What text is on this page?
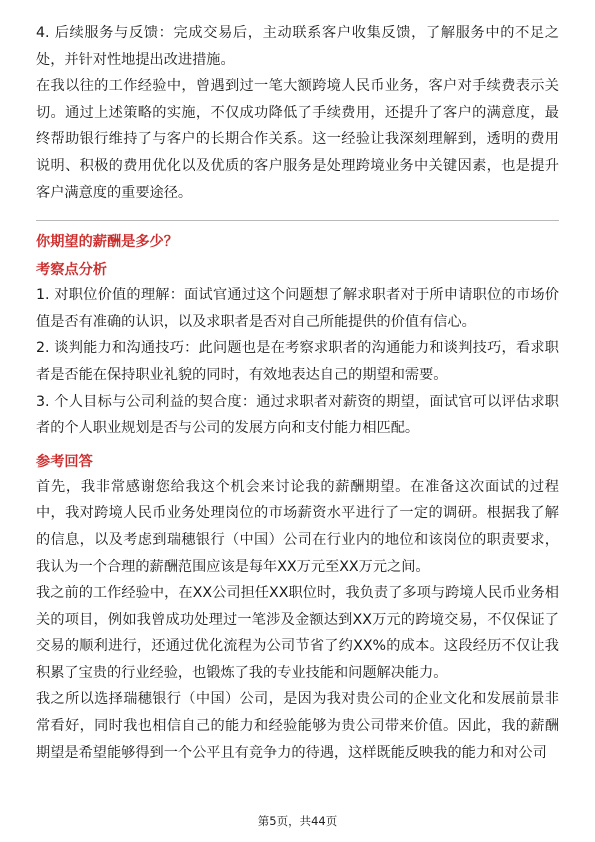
4. 后续服务与反馈：完成交易后，主动联系客户收集反馈，了解服务中的不足之处，并针对性地提出改进措施。

在我以往的工作经验中，曾遇到过一笔大额跨境人民币业务，客户对手续费表示关切。通过上述策略的实施，不仅成功降低了手续费用，还提升了客户的满意度，最终帮助银行维持了与客户的长期合作关系。这一经验让我深刻理解到，透明的费用说明、积极的费用优化以及优质的客户服务是处理跨境业务中关键因素，也是提升客户满意度的重要途径。

你期望的薪酬是多少？

考察点分析

1. 对职位价值的理解：面试官通过这个问题想了解求职者对于所申请职位的市场价值是否有准确的认识，以及求职者是否对自己所能提供的价值有信心。

2. 谈判能力和沟通技巧：此问题也是在考察求职者的沟通能力和谈判技巧，看求职者是否能在保持职业礼貌的同时，有效地表达自己的期望和需要。

3. 个人目标与公司利益的契合度：通过求职者对薪资的期望，面试官可以评估求职者的个人职业规划是否与公司的发展方向和支付能力相匹配。

参考回答

首先，我非常感谢您给我这个机会来讨论我的薪酬期望。在准备这次面试的过程中，我对跨境人民币业务处理岗位的市场薪资水平进行了一定的调研。根据我了解的信息，以及考虑到瑞穗银行（中国）公司在行业内的地位和该岗位的职责要求，我认为一个合理的薪酬范围应该是每年XX万元至XX万元之间。

我之前的工作经验中，在XX公司担任XX职位时，我负责了多项与跨境人民币业务相关的项目，例如我曾成功处理过一笔涉及金额达到XX万元的跨境交易，不仅保证了交易的顺利进行，还通过优化流程为公司节省了约XX%的成本。这段经历不仅让我积累了宝贵的行业经验，也锻炼了我的专业技能和问题解决能力。

我之所以选择瑞穗银行（中国）公司，是因为我对贵公司的企业文化和发展前景非常看好，同时我也相信自己的能力和经验能够为贵公司带来价值。因此，我的薪酬期望是希望能够得到一个公平且有竞争力的待遇，这样既能反映我的能力和对公司

第5页，共44页
